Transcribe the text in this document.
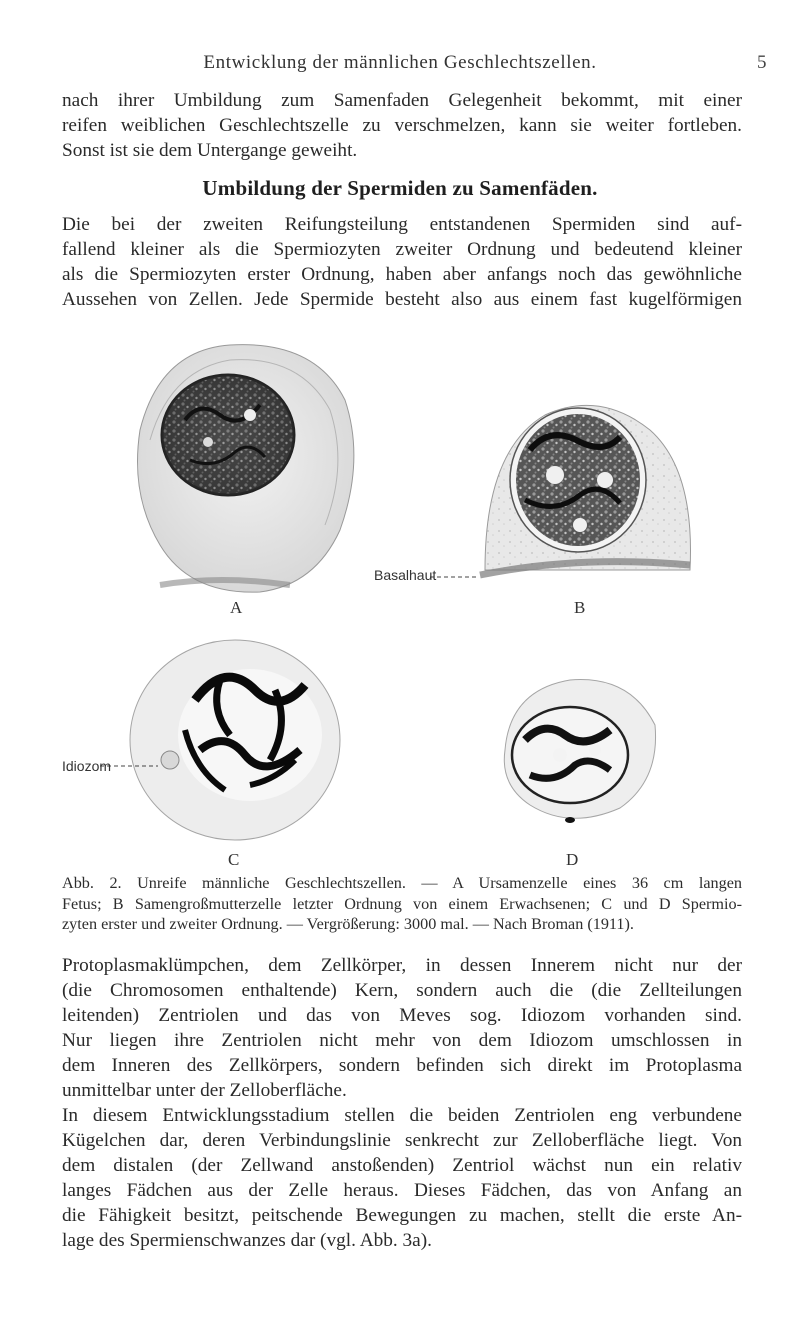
Entwicklung der männlichen Geschlechtszellen.	5

nach ihrer Umbildung zum Samenfaden Gelegenheit bekommt, mit einer
reifen weiblichen Geschlechtszelle zu verschmelzen, kann sie weiter fortleben.
Sonst ist sie dem Untergange geweiht.

Umbildung der Spermiden zu Samenfäden.

Die bei der zweiten Reifungsteilung entstandenen Spermiden sind auf-
fallend kleiner als die Spermiozyten zweiter Ordnung und bedeutend kleiner
als die Spermiozyten erster Ordnung, haben aber anfangs noch das gewöhnliche
Aussehen von Zellen. Jede Spermide besteht also aus einem fast kugelförmigen

A	B
C	D
Basalhaut
Idiozom

Abb. 2. Unreife männliche Geschlechtszellen. — A Ursamenzelle eines 36 cm langen
Fetus; B Samengroßmutterzelle letzter Ordnung von einem Erwachsenen; C und D Spermio-
zyten erster und zweiter Ordnung. — Vergrößerung: 3000 mal. — Nach Broman (1911).

Protoplasmaklümpchen, dem Zellkörper, in dessen Innerem nicht nur der
(die Chromosomen enthaltende) Kern, sondern auch die (die Zellteilungen
leitenden) Zentriolen und das von Meves sog. Idiozom vorhanden sind.
Nur liegen ihre Zentriolen nicht mehr von dem Idiozom umschlossen in
dem Inneren des Zellkörpers, sondern befinden sich direkt im Protoplasma
unmittelbar unter der Zelloberfläche.

In diesem Entwicklungsstadium stellen die beiden Zentriolen eng verbundene
Kügelchen dar, deren Verbindungslinie senkrecht zur Zelloberfläche liegt. Von
dem distalen (der Zellwand anstoßenden) Zentriol wächst nun ein relativ
langes Fädchen aus der Zelle heraus. Dieses Fädchen, das von Anfang an
die Fähigkeit besitzt, peitschende Bewegungen zu machen, stellt die erste An-
lage des Spermienschwanzes dar (vgl. Abb. 3a).
